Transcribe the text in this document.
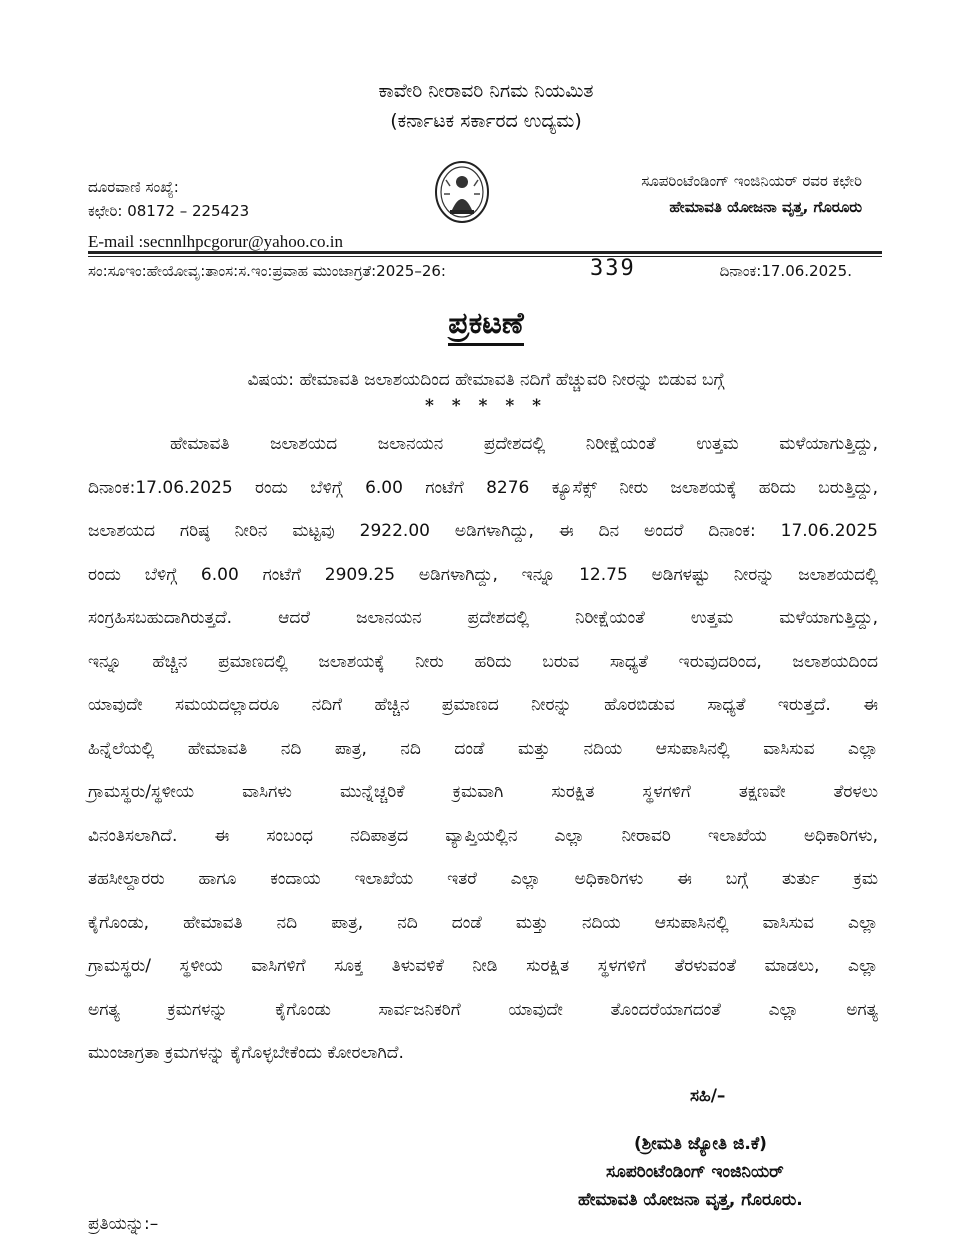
ಕಾವೇರಿ ನೀರಾವರಿ ನಿಗಮ ನಿಯಮಿತ

(ಕರ್ನಾಟಕ ಸರ್ಕಾರದ ಉದ್ಯಮ)

ದೂರವಾಣಿ ಸಂಖ್ಯೆ:

ಕಛೇರಿ: 08172 – 225423

E-mail :secnnlhpcgorur@yahoo.co.in

ಸೂಪರಿಂಟೆಂಡಿಂಗ್ ಇಂಜಿನಿಯರ್ ರವರ ಕಛೇರಿ

ಹೇಮಾವತಿ ಯೋಜನಾ ವೃತ್ತ, ಗೊರೂರು

ಸಂ:ಸೂಇಂ:ಹೇಯೋವೃ:ತಾಂಸ:ಸ.ಇಂ:ಪ್ರವಾಹ ಮುಂಜಾಗ್ರತೆ:2025–26:	339	ದಿನಾಂಕ:17.06.2025.

ಪ್ರಕಟಣೆ

ವಿಷಯ: ಹೇಮಾವತಿ ಜಲಾಶಯದಿಂದ ಹೇಮಾವತಿ ನದಿಗೆ ಹೆಚ್ಚುವರಿ ನೀರನ್ನು ಬಿಡುವ ಬಗ್ಗೆ

* * * * *

ಹೇಮಾವತಿ ಜಲಾಶಯದ ಜಲಾನಯನ ಪ್ರದೇಶದಲ್ಲಿ ನಿರೀಕ್ಷೆಯಂತೆ ಉತ್ತಮ ಮಳೆಯಾಗುತ್ತಿದ್ದು,

ದಿನಾಂಕ:17.06.2025 ರಂದು ಬೆಳಿಗ್ಗೆ 6.00 ಗಂಟೆಗೆ 8276 ಕ್ಯೂಸೆಕ್ಸ್ ನೀರು ಜಲಾಶಯಕ್ಕೆ ಹರಿದು ಬರುತ್ತಿದ್ದು,

ಜಲಾಶಯದ ಗರಿಷ್ಠ ನೀರಿನ ಮಟ್ಟವು 2922.00 ಅಡಿಗಳಾಗಿದ್ದು, ಈ ದಿನ ಅಂದರೆ ದಿನಾಂಕ: 17.06.2025

ರಂದು ಬೆಳಿಗ್ಗೆ 6.00 ಗಂಟೆಗೆ 2909.25 ಅಡಿಗಳಾಗಿದ್ದು, ಇನ್ನೂ 12.75 ಅಡಿಗಳಷ್ಟು ನೀರನ್ನು ಜಲಾಶಯದಲ್ಲಿ

ಸಂಗ್ರಹಿಸಬಹುದಾಗಿರುತ್ತದೆ. ಆದರೆ ಜಲಾನಯನ ಪ್ರದೇಶದಲ್ಲಿ ನಿರೀಕ್ಷೆಯಂತೆ ಉತ್ತಮ ಮಳೆಯಾಗುತ್ತಿದ್ದು,

ಇನ್ನೂ ಹೆಚ್ಚಿನ ಪ್ರಮಾಣದಲ್ಲಿ ಜಲಾಶಯಕ್ಕೆ ನೀರು ಹರಿದು ಬರುವ ಸಾಧ್ಯತೆ ಇರುವುದರಿಂದ, ಜಲಾಶಯದಿಂದ

ಯಾವುದೇ ಸಮಯದಲ್ಲಾದರೂ ನದಿಗೆ ಹೆಚ್ಚಿನ ಪ್ರಮಾಣದ ನೀರನ್ನು ಹೊರಬಿಡುವ ಸಾಧ್ಯತೆ ಇರುತ್ತದೆ. ಈ

ಹಿನ್ನೆಲೆಯಲ್ಲಿ ಹೇಮಾವತಿ ನದಿ ಪಾತ್ರ, ನದಿ ದಂಡೆ ಮತ್ತು ನದಿಯ ಆಸುಪಾಸಿನಲ್ಲಿ ವಾಸಿಸುವ ಎಲ್ಲಾ

ಗ್ರಾಮಸ್ಥರು/ಸ್ಥಳೀಯ ವಾಸಿಗಳು ಮುನ್ನೆಚ್ಚರಿಕೆ ಕ್ರಮವಾಗಿ ಸುರಕ್ಷಿತ ಸ್ಥಳಗಳಿಗೆ ತಕ್ಷಣವೇ ತೆರಳಲು

ವಿನಂತಿಸಲಾಗಿದೆ. ಈ ಸಂಬಂಧ ನದಿಪಾತ್ರದ ವ್ಯಾಪ್ತಿಯಲ್ಲಿನ ಎಲ್ಲಾ ನೀರಾವರಿ ಇಲಾಖೆಯ ಅಧಿಕಾರಿಗಳು,

ತಹಸೀಲ್ದಾರರು ಹಾಗೂ ಕಂದಾಯ ಇಲಾಖೆಯ ಇತರೆ ಎಲ್ಲಾ ಅಧಿಕಾರಿಗಳು ಈ ಬಗ್ಗೆ ತುರ್ತು ಕ್ರಮ

ಕೈಗೊಂಡು, ಹೇಮಾವತಿ ನದಿ ಪಾತ್ರ, ನದಿ ದಂಡೆ ಮತ್ತು ನದಿಯ ಆಸುಪಾಸಿನಲ್ಲಿ ವಾಸಿಸುವ ಎಲ್ಲಾ

ಗ್ರಾಮಸ್ಥರು/ ಸ್ಥಳೀಯ ವಾಸಿಗಳಿಗೆ ಸೂಕ್ತ ತಿಳುವಳಿಕೆ ನೀಡಿ ಸುರಕ್ಷಿತ ಸ್ಥಳಗಳಿಗೆ ತೆರಳುವಂತೆ ಮಾಡಲು, ಎಲ್ಲಾ

ಅಗತ್ಯ ಕ್ರಮಗಳನ್ನು ಕೈಗೊಂಡು ಸಾರ್ವಜನಿಕರಿಗೆ ಯಾವುದೇ ತೊಂದರೆಯಾಗದಂತೆ ಎಲ್ಲಾ ಅಗತ್ಯ

ಮುಂಜಾಗ್ರತಾ ಕ್ರಮಗಳನ್ನು ಕೈಗೊಳ್ಳಬೇಕೆಂದು ಕೋರಲಾಗಿದೆ.

ಸಹಿ/–

(ಶ್ರೀಮತಿ ಜ್ಯೋತಿ ಜಿ.ಕೆ)

ಸೂಪರಿಂಟೆಂಡಿಂಗ್ ಇಂಜಿನಿಯರ್

ಹೇಮಾವತಿ ಯೋಜನಾ ವೃತ್ತ, ಗೊರೂರು.

ಪ್ರತಿಯನ್ನು:–
